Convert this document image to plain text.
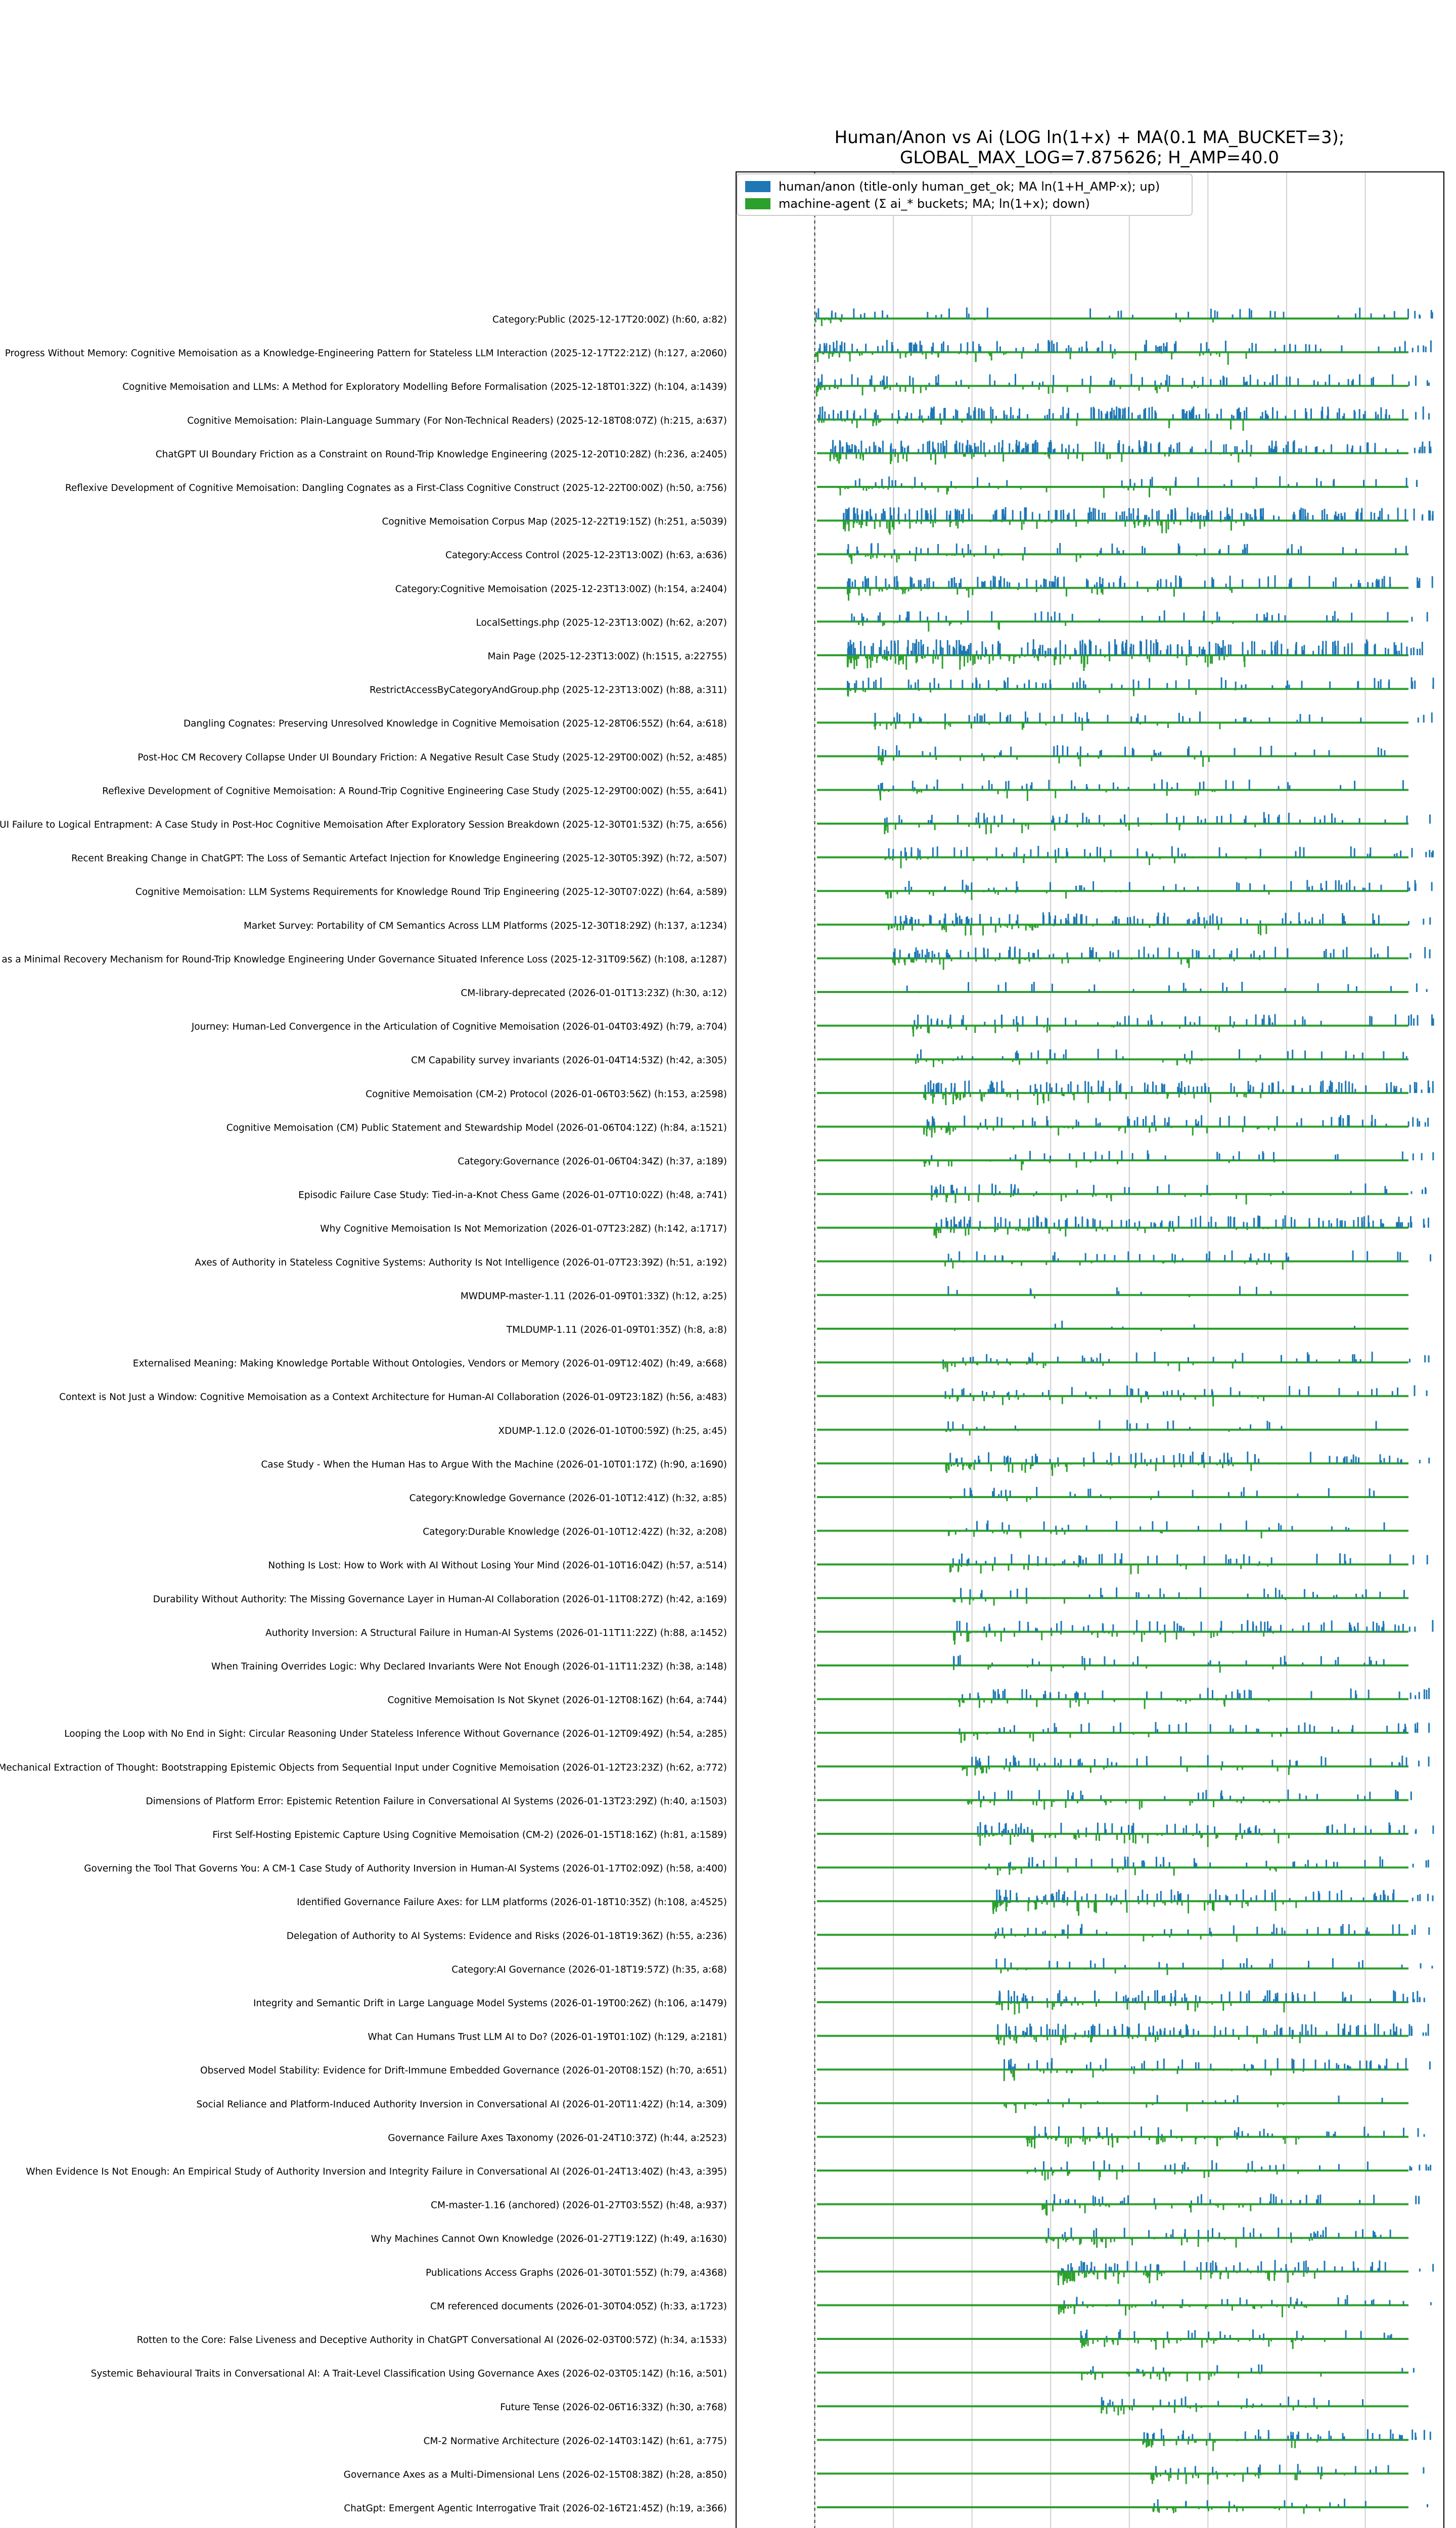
Category:Public (2025-12-17T20:00Z) (h:60, a:82)
Progress Without Memory: Cognitive Memoisation as a Knowledge-Engineering Pattern for Stateless LLM Interaction (2025-12-17T22:21Z) (h:127, a:2060)
Cognitive Memoisation and LLMs: A Method for Exploratory Modelling Before Formalisation (2025-12-18T01:32Z) (h:104, a:1439)
Cognitive Memoisation: Plain-Language Summary (For Non-Technical Readers) (2025-12-18T08:07Z) (h:215, a:637)
ChatGPT UI Boundary Friction as a Constraint on Round-Trip Knowledge Engineering (2025-12-20T10:28Z) (h:236, a:2405)
Reflexive Development of Cognitive Memoisation: Dangling Cognates as a First-Class Cognitive Construct (2025-12-22T00:00Z) (h:50, a:756)
Cognitive Memoisation Corpus Map (2025-12-22T19:15Z) (h:251, a:5039)
Category:Access Control (2025-12-23T13:00Z) (h:63, a:636)
Category:Cognitive Memoisation (2025-12-23T13:00Z) (h:154, a:2404)
LocalSettings.php (2025-12-23T13:00Z) (h:62, a:207)
Main Page (2025-12-23T13:00Z) (h:1515, a:22755)
RestrictAccessByCategoryAndGroup.php (2025-12-23T13:00Z) (h:88, a:311)
Dangling Cognates: Preserving Unresolved Knowledge in Cognitive Memoisation (2025-12-28T06:55Z) (h:64, a:618)
Post-Hoc CM Recovery Collapse Under UI Boundary Friction: A Negative Result Case Study (2025-12-29T00:00Z) (h:52, a:485)
Reflexive Development of Cognitive Memoisation: A Round-Trip Cognitive Engineering Case Study (2025-12-29T00:00Z) (h:55, a:641)
From UI Failure to Logical Entrapment: A Case Study in Post-Hoc Cognitive Memoisation After Exploratory Session Breakdown (2025-12-30T01:53Z) (h:75, a:656)
Recent Breaking Change in ChatGPT: The Loss of Semantic Artefact Injection for Knowledge Engineering (2025-12-30T05:39Z) (h:72, a:507)
Cognitive Memoisation: LLM Systems Requirements for Knowledge Round Trip Engineering (2025-12-30T07:02Z) (h:64, a:589)
Market Survey: Portability of CM Semantics Across LLM Platforms (2025-12-30T18:29Z) (h:137, a:1234)
XDUMP as a Minimal Recovery Mechanism for Round-Trip Knowledge Engineering Under Governance Situated Inference Loss (2025-12-31T09:56Z) (h:108, a:1287)
CM-library-deprecated (2026-01-01T13:23Z) (h:30, a:12)
Journey: Human-Led Convergence in the Articulation of Cognitive Memoisation (2026-01-04T03:49Z) (h:79, a:704)
CM Capability survey invariants (2026-01-04T14:53Z) (h:42, a:305)
Cognitive Memoisation (CM-2) Protocol (2026-01-06T03:56Z) (h:153, a:2598)
Cognitive Memoisation (CM) Public Statement and Stewardship Model (2026-01-06T04:12Z) (h:84, a:1521)
Category:Governance (2026-01-06T04:34Z) (h:37, a:189)
Episodic Failure Case Study: Tied-in-a-Knot Chess Game (2026-01-07T10:02Z) (h:48, a:741)
Why Cognitive Memoisation Is Not Memorization (2026-01-07T23:28Z) (h:142, a:1717)
Axes of Authority in Stateless Cognitive Systems: Authority Is Not Intelligence (2026-01-07T23:39Z) (h:51, a:192)
MWDUMP-master-1.11 (2026-01-09T01:33Z) (h:12, a:25)
TMLDUMP-1.11 (2026-01-09T01:35Z) (h:8, a:8)
Externalised Meaning: Making Knowledge Portable Without Ontologies, Vendors or Memory (2026-01-09T12:40Z) (h:49, a:668)
Context is Not Just a Window: Cognitive Memoisation as a Context Architecture for Human-AI Collaboration (2026-01-09T23:18Z) (h:56, a:483)
XDUMP-1.12.0 (2026-01-10T00:59Z) (h:25, a:45)
Case Study - When the Human Has to Argue With the Machine (2026-01-10T01:17Z) (h:90, a:1690)
Category:Knowledge Governance (2026-01-10T12:41Z) (h:32, a:85)
Category:Durable Knowledge (2026-01-10T12:42Z) (h:32, a:208)
Nothing Is Lost: How to Work with AI Without Losing Your Mind (2026-01-10T16:04Z) (h:57, a:514)
Durability Without Authority: The Missing Governance Layer in Human-AI Collaboration (2026-01-11T08:27Z) (h:42, a:169)
Authority Inversion: A Structural Failure in Human-AI Systems (2026-01-11T11:22Z) (h:88, a:1452)
When Training Overrides Logic: Why Declared Invariants Were Not Enough (2026-01-11T11:23Z) (h:38, a:148)
Cognitive Memoisation Is Not Skynet (2026-01-12T08:16Z) (h:64, a:744)
Looping the Loop with No End in Sight: Circular Reasoning Under Stateless Inference Without Governance (2026-01-12T09:49Z) (h:54, a:285)
Mechanical Extraction of Thought: Bootstrapping Epistemic Objects from Sequential Input under Cognitive Memoisation (2026-01-12T23:23Z) (h:62, a:772)
Dimensions of Platform Error: Epistemic Retention Failure in Conversational AI Systems (2026-01-13T23:29Z) (h:40, a:1503)
First Self-Hosting Epistemic Capture Using Cognitive Memoisation (CM-2) (2026-01-15T18:16Z) (h:81, a:1589)
Governing the Tool That Governs You: A CM-1 Case Study of Authority Inversion in Human-AI Systems (2026-01-17T02:09Z) (h:58, a:400)
Identified Governance Failure Axes: for LLM platforms (2026-01-18T10:35Z) (h:108, a:4525)
Delegation of Authority to AI Systems: Evidence and Risks (2026-01-18T19:36Z) (h:55, a:236)
Category:AI Governance (2026-01-18T19:57Z) (h:35, a:68)
Integrity and Semantic Drift in Large Language Model Systems (2026-01-19T00:26Z) (h:106, a:1479)
What Can Humans Trust LLM AI to Do? (2026-01-19T01:10Z) (h:129, a:2181)
Observed Model Stability: Evidence for Drift-Immune Embedded Governance (2026-01-20T08:15Z) (h:70, a:651)
Social Reliance and Platform-Induced Authority Inversion in Conversational AI (2026-01-20T11:42Z) (h:14, a:309)
Governance Failure Axes Taxonomy (2026-01-24T10:37Z) (h:44, a:2523)
When Evidence Is Not Enough: An Empirical Study of Authority Inversion and Integrity Failure in Conversational AI (2026-01-24T13:40Z) (h:43, a:395)
CM-master-1.16 (anchored) (2026-01-27T03:55Z) (h:48, a:937)
Why Machines Cannot Own Knowledge (2026-01-27T19:12Z) (h:49, a:1630)
Publications Access Graphs (2026-01-30T01:55Z) (h:79, a:4368)
CM referenced documents (2026-01-30T04:05Z) (h:33, a:1723)
Rotten to the Core: False Liveness and Deceptive Authority in ChatGPT Conversational AI (2026-02-03T00:57Z) (h:34, a:1533)
Systemic Behavioural Traits in Conversational AI: A Trait-Level Classification Using Governance Axes (2026-02-03T05:14Z) (h:16, a:501)
Future Tense (2026-02-06T16:33Z) (h:30, a:768)
CM-2 Normative Architecture (2026-02-14T03:14Z) (h:61, a:775)
Governance Axes as a Multi-Dimensional Lens (2026-02-15T08:38Z) (h:28, a:850)
ChatGpt: Emergent Agentic Interrogative Trait (2026-02-16T21:45Z) (h:19, a:366)
Human/Anon vs Ai (LOG ln(1+x) + MA(0.1 MA_BUCKET=3);
GLOBAL_MAX_LOG=7.875626; H_AMP=40.0
human/anon (title-only human_get_ok; MA ln(1+H_AMP·x); up)
machine-agent (Σ ai_* buckets; MA; ln(1+x); down)
